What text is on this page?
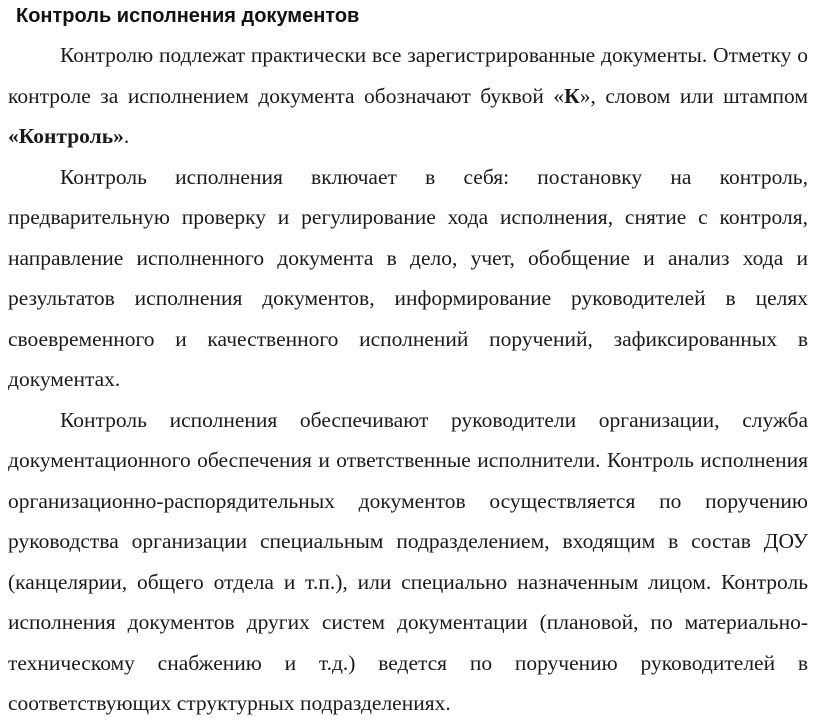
Контроль исполнения документов

Контролю подлежат практически все зарегистрированные документы. Отметку о контроле за исполнением документа обозначают буквой «К», словом или штампом «Контроль».

Контроль исполнения включает в себя: постановку на контроль, предварительную проверку и регулирование хода исполнения, снятие с контроля, направление исполненного документа в дело, учет, обобщение и анализ хода и результатов исполнения документов, информирование руководителей в целях своевременного и качественного исполнений поручений, зафиксированных в документах.

Контроль исполнения обеспечивают руководители организации, служба документационного обеспечения и ответственные исполнители. Контроль исполнения организационно-распорядительных документов осуществляется по поручению руководства организации специальным подразделением, входящим в состав ДОУ (канцелярии, общего отдела и т.п.), или специально назначенным лицом. Контроль исполнения документов других систем документации (плановой, по материально-техническому снабжению и т.д.) ведется по поручению руководителей в соответствующих структурных подразделениях.
